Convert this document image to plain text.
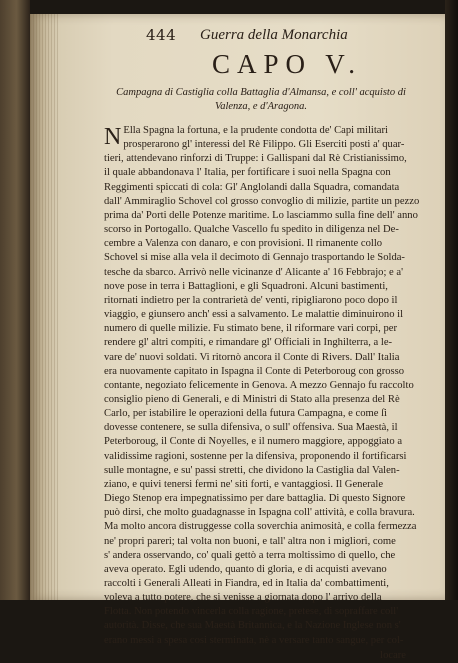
444 Guerra della Monarchia
CAPO V.
Campagna di Castiglia colla Battaglia d'Almansa, e coll' acquisto di Valenza, e d'Aragona.
N Ella Spagna la fortuna, e la prudente condotta de' Capi militari
prosperarono gl' interessi del Rè Filippo. Gli Eserciti posti a' quar-
tieri, attendevano rinforzi di Truppe: i Gallispani dal Rè Cristianissimo,
il quale abbandonava l' Italia, per fortificare i suoi nella Spagna con
Reggimenti spiccati di cola: Gl' Anglolandi dalla Squadra, comandata
dall' Ammiraglio Schovel col grosso convoglio di milizie, partite un pezzo
prima da' Porti delle Potenze maritime. Lo lasciammo sulla fine dell' anno
scorso in Portogallo. Qualche Vascello fu spedito in diligenza nel De-
cembre a Valenza con danaro, e con provisioni. Il rimanente collo
Schovel si mise alla vela il decimoto di Gennajo trasportando le Solda-
tesche da sbarco. Arrivò nelle vicinanze d' Alicante a' 16 Febbrajo; e a'
nove pose in terra i Battaglioni, e gli Squadroni. Alcuni bastimenti,
ritornati indietro per la contrarietà de' venti, ripigliarono poco dopo il
viaggio, e giunsero anch' essi a salvamento. Le malattie diminuirono il
numero di quelle milizie. Fu stimato bene, il riformare vari corpi, per
rendere gl' altri compiti, e rimandare gl' Officiali in Inghilterra, a le-
vare de' nuovi soldati. Vi ritornò ancora il Conte di Rivers. Dall' Italia
era nuovamente capitato in Ispagna il Conte di Peterboroug con grosso
contante, negoziato felicemente in Genova. A mezzo Gennajo fu raccolto
consiglio pieno di Generali, e di Ministri di Stato alla presenza del Rè
Carlo, per istabilire le operazioni della futura Campagna, e come ſi
dovesse contenere, se sulla difensiva, o sull' offensiva. Sua Maestà, il
Peterboroug, il Conte di Noyelles, e il numero maggiore, appoggiato a
validissime ragioni, sostenne per la difensiva, proponendo il fortificarsi
sulle montagne, e su' passi stretti, che dividono la Castiglia dal Valen-
ziano, e quivi tenersi fermi ne' siti forti, e vantaggiosi. Il Generale
Diego Stenop era impegnatissimo per dare battaglia. Di questo Signore
può dirsi, che molto guadagnasse in Ispagna coll' attività, e colla bravura.
Ma molto ancora distruggesse colla soverchia animosità, e colla fermezza
ne' propri pareri; tal volta non buoni, e tall' altra non i migliori, come
s' andera osservando, co' quali gettò a terra moltissimo di quello, che
aveva operato. Egli udendo, quanto di gloria, e di acquisti avevano
raccolti i Generali Alleati in Fiandra, ed in Italia da' combattimenti,
voleva a tutto potere, che si venisse a giornata dopo l' arrivo della
Flotta. Non potendo vincerla colla ragione, pretese, di sopraffare coll'
autorità. Disse, che sua Maestà Britannica, e la Nazione Inglese non s'
erano messi a spesa cosi sterminata, nè a versare tanto sangue, per col-
locare
